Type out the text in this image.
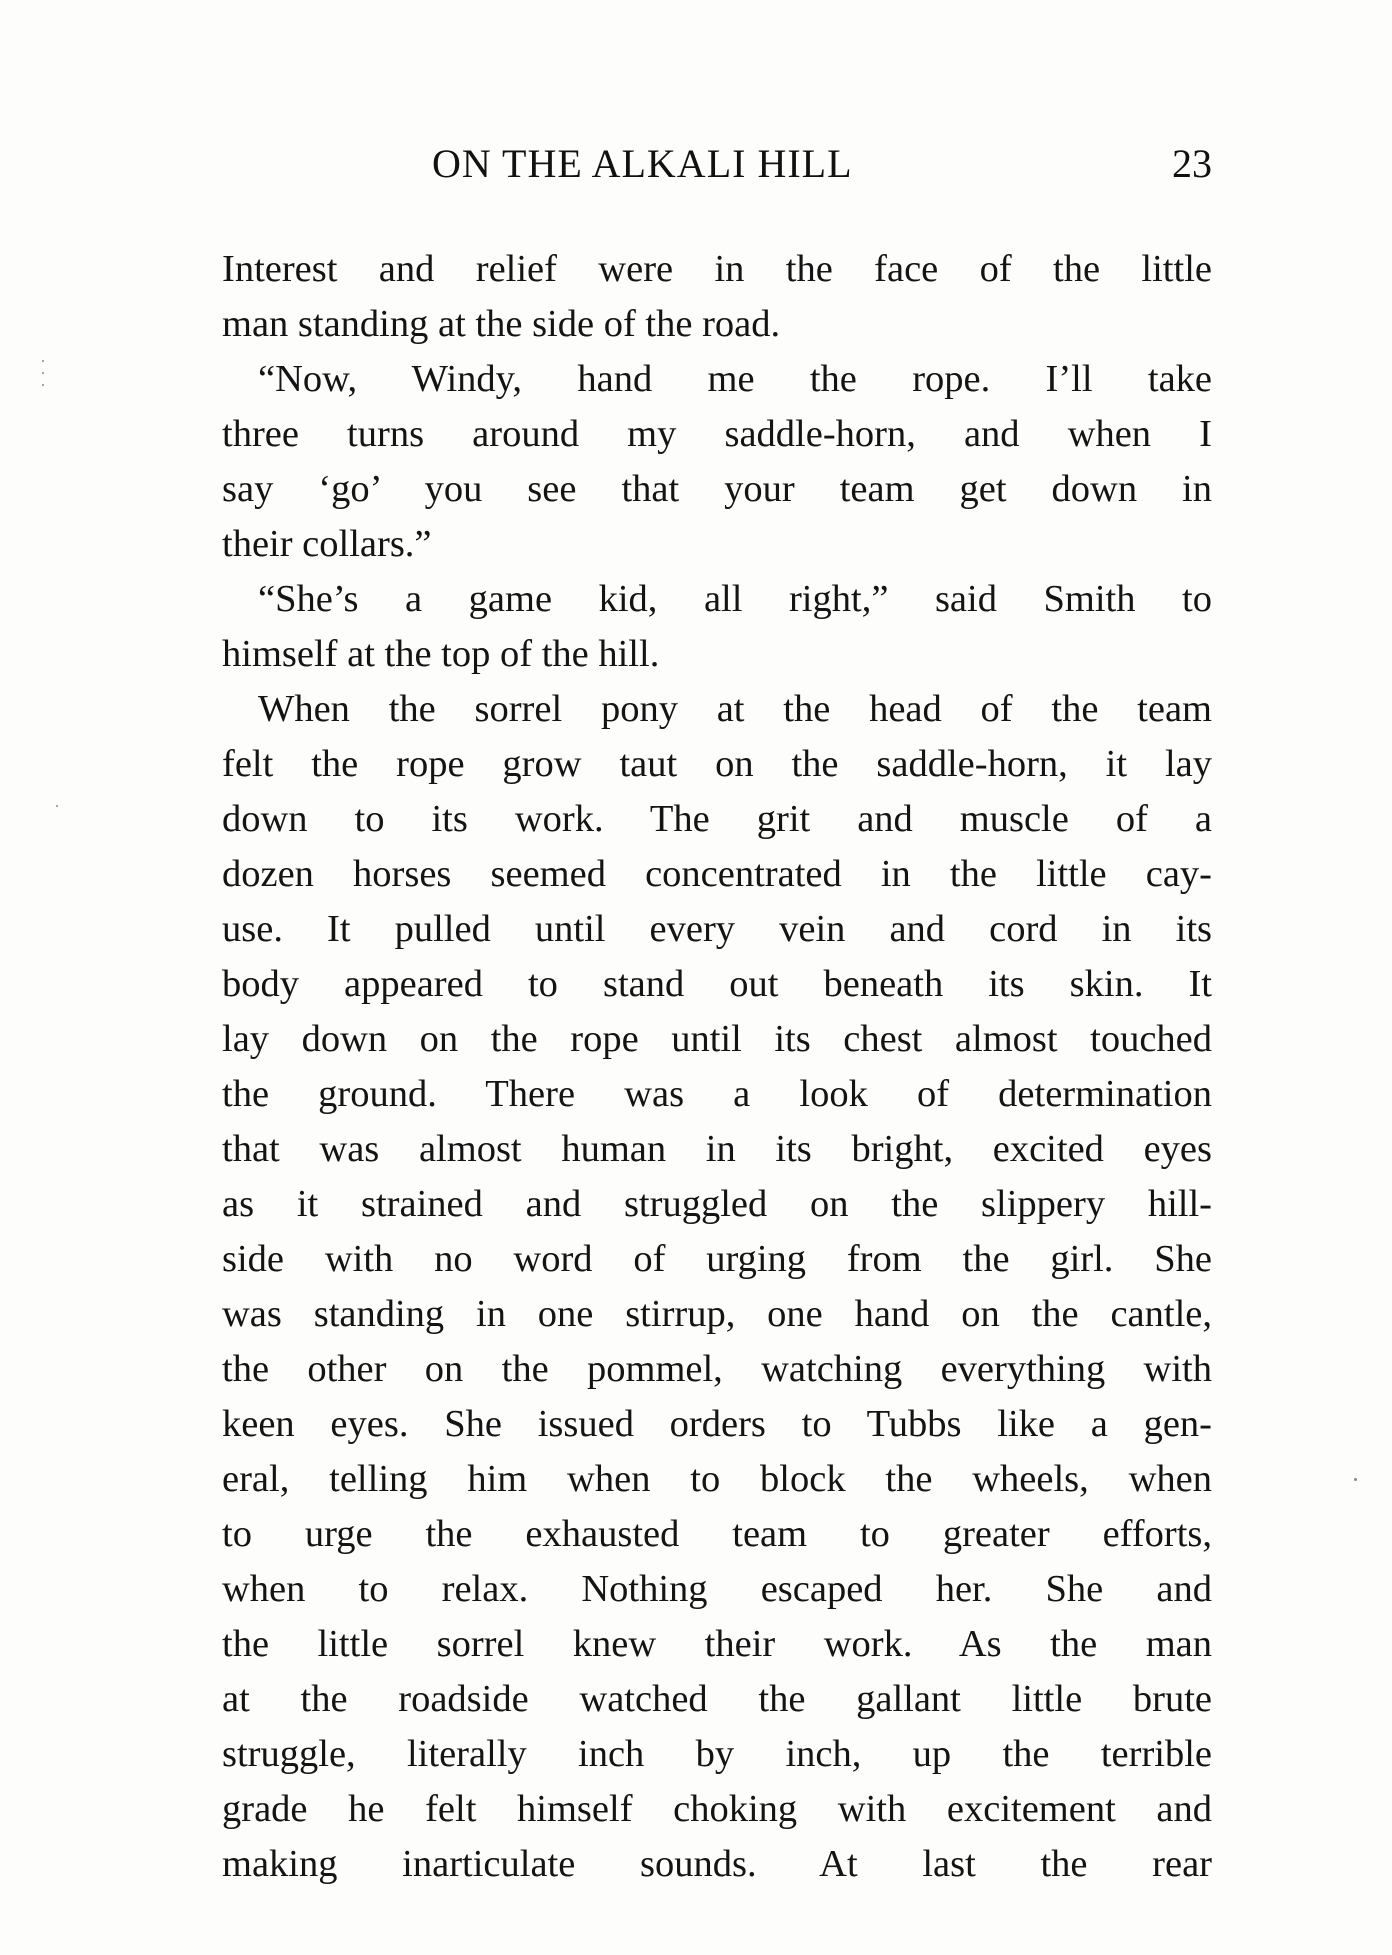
ON THE ALKALI HILL	23
Interest and relief were in the face of the little
man standing at the side of the road.
“Now, Windy, hand me the rope. I’ll take
three turns around my saddle-horn, and when I
say ‘go’ you see that your team get down in
their collars.”
“She’s a game kid, all right,” said Smith to
himself at the top of the hill.
When the sorrel pony at the head of the team
felt the rope grow taut on the saddle-horn, it lay
down to its work. The grit and muscle of a
dozen horses seemed concentrated in the little cay-
use. It pulled until every vein and cord in its
body appeared to stand out beneath its skin. It
lay down on the rope until its chest almost touched
the ground. There was a look of determination
that was almost human in its bright, excited eyes
as it strained and struggled on the slippery hill-
side with no word of urging from the girl. She
was standing in one stirrup, one hand on the cantle,
the other on the pommel, watching everything with
keen eyes. She issued orders to Tubbs like a gen-
eral, telling him when to block the wheels, when
to urge the exhausted team to greater efforts,
when to relax. Nothing escaped her. She and
the little sorrel knew their work. As the man
at the roadside watched the gallant little brute
struggle, literally inch by inch, up the terrible
grade he felt himself choking with excitement and
making inarticulate sounds. At last the rear
